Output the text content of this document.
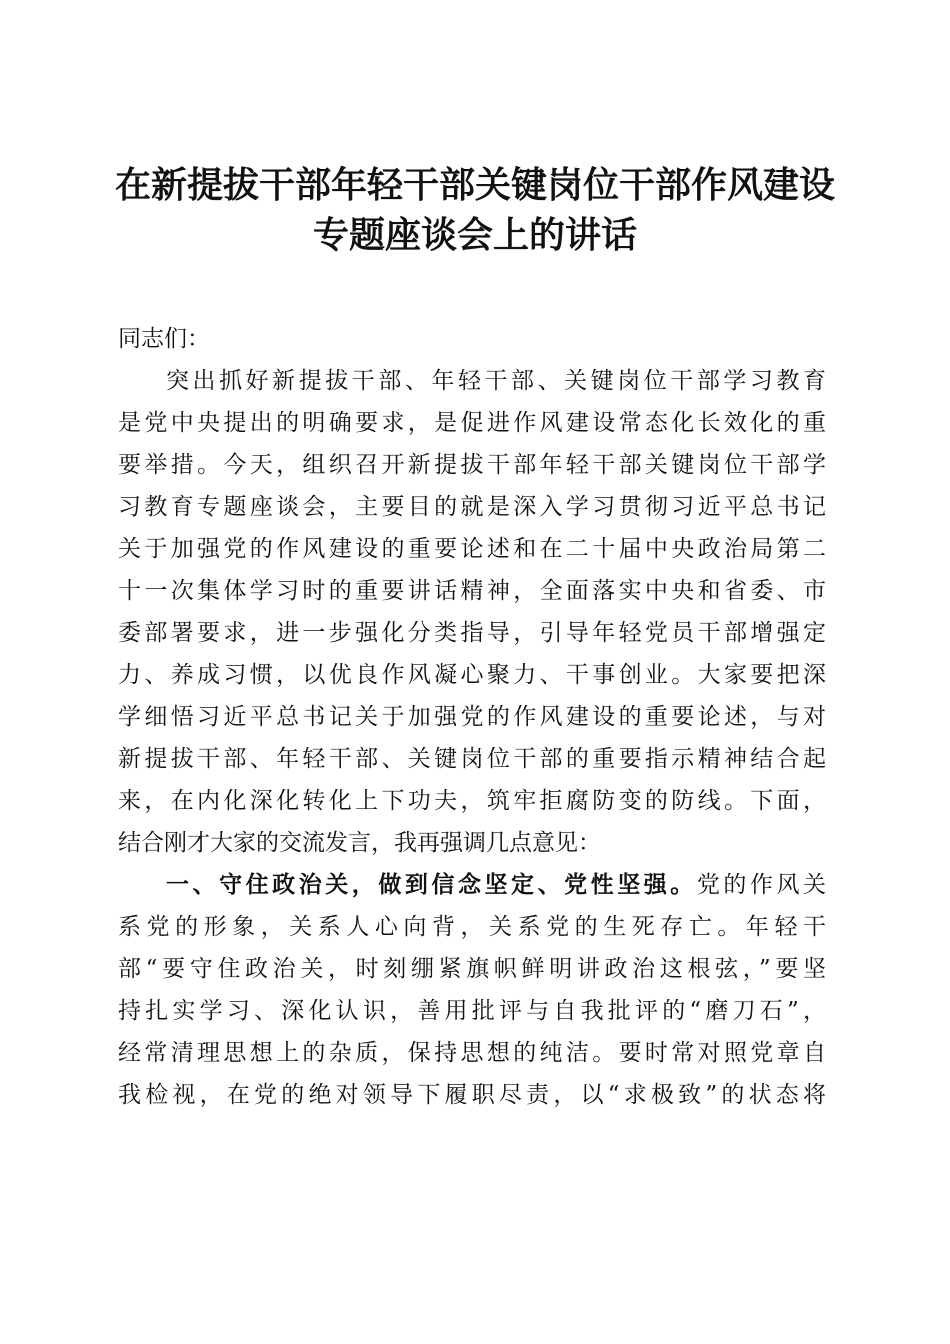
在新提拔干部年轻干部关键岗位干部作风建设
专题座谈会上的讲话
同志们：
突出抓好新提拔干部、年轻干部、关键岗位干部学习教育
是党中央提出的明确要求，是促进作风建设常态化长效化的重
要举措。今天，组织召开新提拔干部年轻干部关键岗位干部学
习教育专题座谈会，主要目的就是深入学习贯彻习近平总书记
关于加强党的作风建设的重要论述和在二十届中央政治局第二
十一次集体学习时的重要讲话精神，全面落实中央和省委、市
委部署要求，进一步强化分类指导，引导年轻党员干部增强定
力、养成习惯，以优良作风凝心聚力、干事创业。大家要把深
学细悟习近平总书记关于加强党的作风建设的重要论述，与对
新提拔干部、年轻干部、关键岗位干部的重要指示精神结合起
来，在内化深化转化上下功夫，筑牢拒腐防变的防线。下面，
结合刚才大家的交流发言，我再强调几点意见：
一、守住政治关，做到信念坚定、党性坚强。党的作风关
系党的形象，关系人心向背，关系党的生死存亡。年轻干
部“要守住政治关，时刻绷紧旗帜鲜明讲政治这根弦，”要坚
持扎实学习、深化认识，善用批评与自我批评的“磨刀石”，
经常清理思想上的杂质，保持思想的纯洁。要时常对照党章自
我检视，在党的绝对领导下履职尽责，以“求极致”的状态将
